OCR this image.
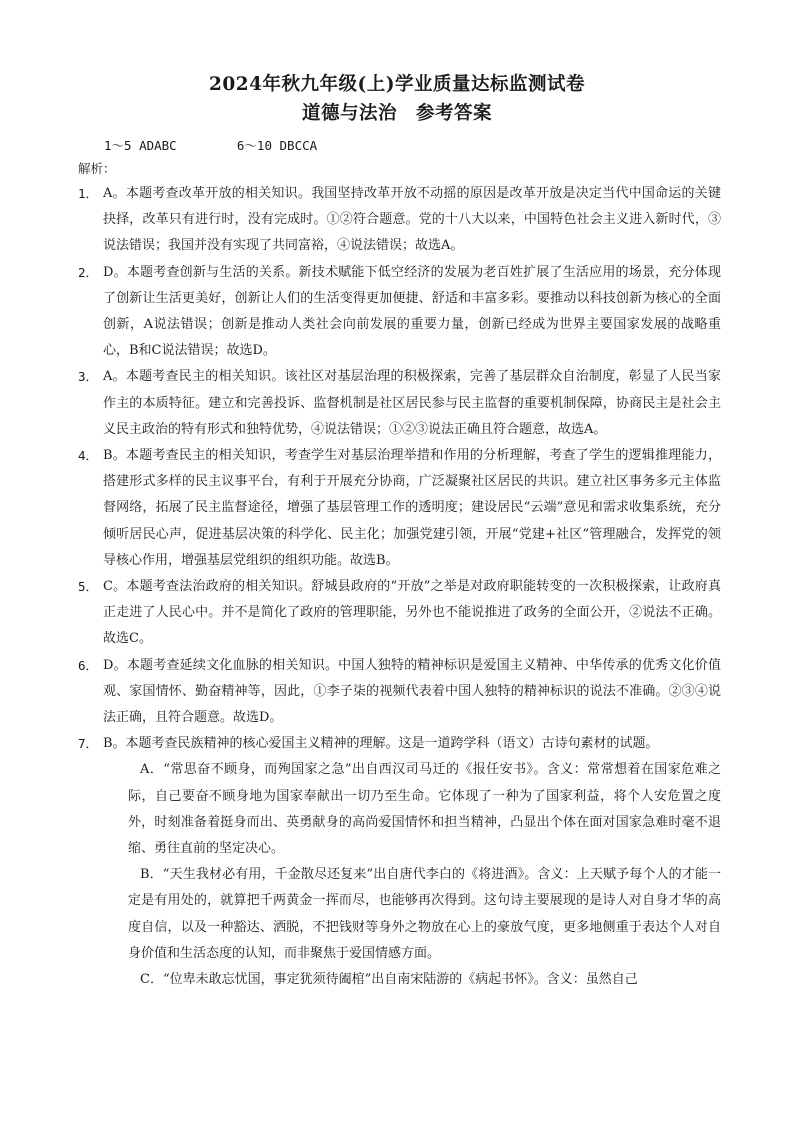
2024年秋九年级(上)学业质量达标监测试卷
道德与法治　参考答案
1～5 ADABC        6～10 DBCCA
解析：
1． A。本题考查改革开放的相关知识。我国坚持改革开放不动摇的原因是改革开放是决定当代中国命运的关键抉择，改革只有进行时，没有完成时。①②符合题意。党的十八大以来，中国特色社会主义进入新时代，③说法错误；我国并没有实现了共同富裕，④说法错误；故选A。
2． D。本题考查创新与生活的关系。新技术赋能下低空经济的发展为老百姓扩展了生活应用的场景，充分体现了创新让生活更美好，创新让人们的生活变得更加便捷、舒适和丰富多彩。要推动以科技创新为核心的全面创新，A说法错误；创新是推动人类社会向前发展的重要力量，创新已经成为世界主要国家发展的战略重心，B和C说法错误；故选D。
3． A。本题考查民主的相关知识。该社区对基层治理的积极探索，完善了基层群众自治制度，彰显了人民当家作主的本质特征。建立和完善投诉、监督机制是社区居民参与民主监督的重要机制保障，协商民主是社会主义民主政治的特有形式和独特优势，④说法错误；①②③说法正确且符合题意，故选A。
4． B。本题考查民主的相关知识，考查学生对基层治理举措和作用的分析理解，考查了学生的逻辑推理能力，搭建形式多样的民主议事平台，有利于开展充分协商，广泛凝聚社区居民的共识。建立社区事务多元主体监督网络，拓展了民主监督途径，增强了基层管理工作的透明度；建设居民“云端”意见和需求收集系统，充分倾听居民心声，促进基层决策的科学化、民主化；加强党建引领，开展“党建+社区”管理融合，发挥党的领导核心作用，增强基层党组织的组织功能。故选B。
5． C。本题考查法治政府的相关知识。舒城县政府的“开放”之举是对政府职能转变的一次积极探索，让政府真正走进了人民心中。并不是简化了政府的管理职能，另外也不能说推进了政务的全面公开，②说法不正确。故选C。
6． D。本题考查延续文化血脉的相关知识。中国人独特的精神标识是爱国主义精神、中华传承的优秀文化价值观、家国情怀、勤奋精神等，因此，①李子柒的视频代表着中国人独特的精神标识的说法不准确。②③④说法正确，且符合题意。故选D。
7． B。本题考查民族精神的核心爱国主义精神的理解。这是一道跨学科（语文）古诗句素材的试题。
A．“常思奋不顾身，而殉国家之急”出自西汉司马迁的《报任安书》。含义：常常想着在国家危难之际，自己要奋不顾身地为国家奉献出一切乃至生命。它体现了一种为了国家利益，将个人安危置之度外，时刻准备着挺身而出、英勇献身的高尚爱国情怀和担当精神，凸显出个体在面对国家急难时毫不退缩、勇往直前的坚定决心。
B．“天生我材必有用，千金散尽还复来”出自唐代李白的《将进酒》。含义：上天赋予每个人的才能一定是有用处的，就算把千两黄金一挥而尽，也能够再次得到。这句诗主要展现的是诗人对自身才华的高度自信，以及一种豁达、洒脱，不把钱财等身外之物放在心上的豪放气度，更多地侧重于表达个人对自身价值和生活态度的认知，而非聚焦于爱国情感方面。
C．“位卑未敢忘忧国，事定犹须待阖棺”出自南宋陆游的《病起书怀》。含义：虽然自己
